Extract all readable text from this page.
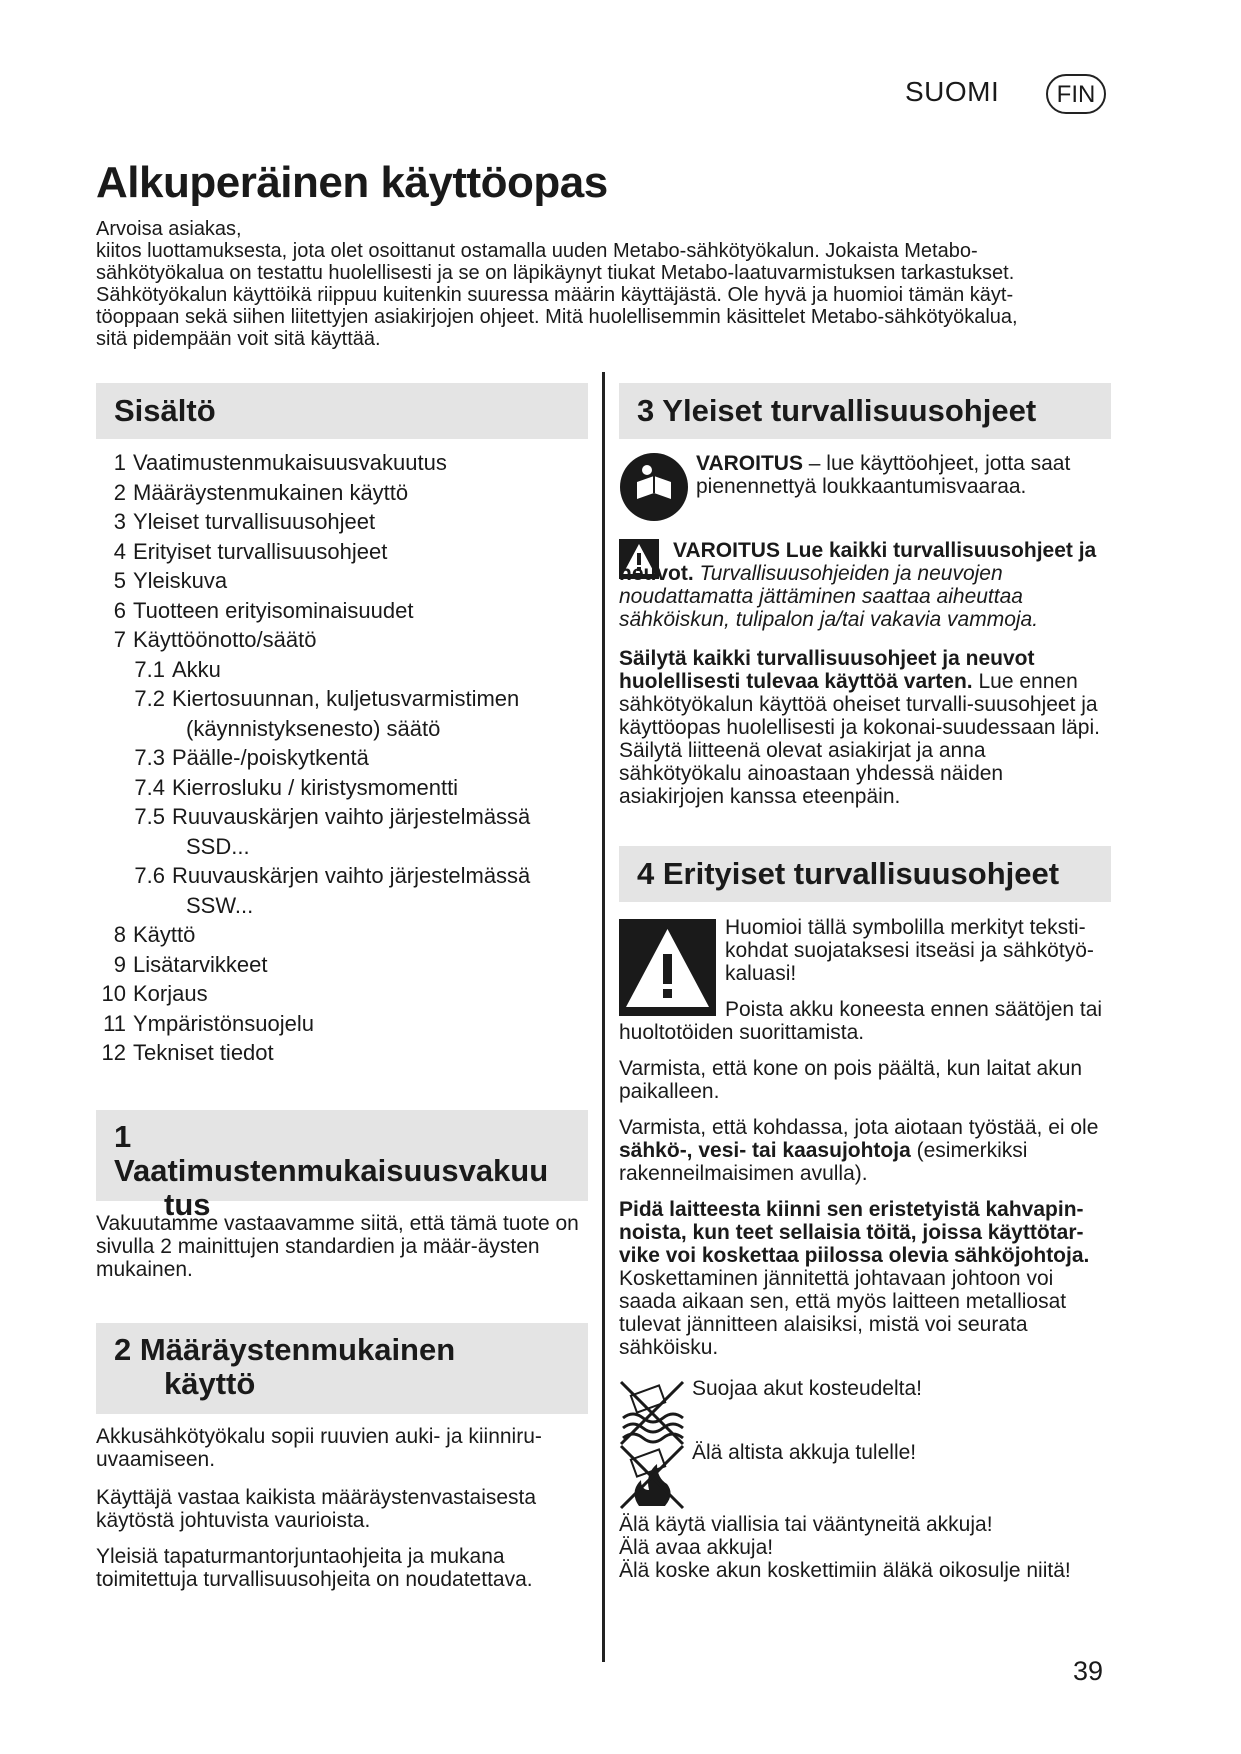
SUOMI	FIN
Alkuperäinen käyttöopas
Arvoisa asiakas,
kiitos luottamuksesta, jota olet osoittanut ostamalla uuden Metabo-sähkötyökalun. Jokaista Metabo-
sähkötyökalua on testattu huolellisesti ja se on läpikäynyt tiukat Metabo-laatuvarmistuksen tarkastukset.
Sähkötyökalun käyttöikä riippuu kuitenkin suuressa määrin käyttäjästä. Ole hyvä ja huomioi tämän käyt-
töoppaan sekä siihen liitettyjen asiakirjojen ohjeet. Mitä huolellisemmin käsittelet Metabo-sähkötyökalua,
sitä pidempään voit sitä käyttää.
Sisältö
1 Vaatimustenmukaisuusvakuutus
2 Määräystenmukainen käyttö
3 Yleiset turvallisuusohjeet
4 Erityiset turvallisuusohjeet
5 Yleiskuva
6 Tuotteen erityisominaisuudet
7 Käyttöönotto/säätö
7.1 Akku
7.2 Kiertosuunnan, kuljetusvarmistimen
(käynnistyksenesto) säätö
7.3 Päälle-/poiskytkentä
7.4 Kierrosluku / kiristysmomentti
7.5 Ruuvauskärjen vaihto järjestelmässä
SSD...
7.6 Ruuvauskärjen vaihto järjestelmässä
SSW...
8 Käyttö
9 Lisätarvikkeet
10 Korjaus
11 Ympäristönsuojelu
12 Tekniset tiedot
1 Vaatimustenmukaisuusvakuu
tus

Vakuutamme vastaavamme siitä, että tämä tuote on sivulla 2 mainittujen standardien ja määr-äysten mukainen.

2 Määräystenmukainen
käyttö

Akkusähkötyökalu sopii ruuvien auki- ja kiinniru-uvaamiseen.

Käyttäjä vastaa kaikista määräystenvastaisesta käytöstä johtuvista vaurioista.

Yleisiä tapaturmantorjuntaohjeita ja mukana toimitettuja turvallisuusohjeita on noudatettava.

3 Yleiset turvallisuusohjeet

VAROITUS – lue käyttöohjeet, jotta saat pienennettyä loukkaantumisvaaraa.

VAROITUS Lue kaikki turvallisuusohjeet ja neuvot. Turvallisuusohjeiden ja neuvojen noudattamatta jättäminen saattaa aiheuttaa sähköiskun, tulipalon ja/tai vakavia vammoja.

Säilytä kaikki turvallisuusohjeet ja neuvot huolellisesti tulevaa käyttöä varten. Lue ennen sähkötyökalun käyttöä oheiset turvalli-suusohjeet ja käyttöopas huolellisesti ja kokonai-suudessaan läpi. Säilytä liitteenä olevat asiakirjat ja anna sähkötyökalu ainoastaan yhdessä näiden asiakirjojen kanssa eteenpäin.

4 Erityiset turvallisuusohjeet

Huomioi tällä symbolilla merkityt teksti-kohdat suojataksesi itseäsi ja sähkötyö-kaluasi!

Poista akku koneesta ennen säätöjen tai huoltotöiden suorittamista.

Varmista, että kone on pois päältä, kun laitat akun paikalleen.

Varmista, että kohdassa, jota aiotaan työstää, ei ole sähkö-, vesi- tai kaasujohtoja (esimerkiksi rakenneilmaisimen avulla).

Pidä laitteesta kiinni sen eristetyistä kahvapin-noista, kun teet sellaisia töitä, joissa käyttötar-vike voi koskettaa piilossa olevia sähköjohtoja. Koskettaminen jännitettä johtavaan johtoon voi saada aikaan sen, että myös laitteen metalliosat tulevat jännitteen alaisiksi, mistä voi seurata sähköisku.

Suojaa akut kosteudelta!

Älä altista akkuja tulelle!

Älä käytä viallisia tai vääntyneitä akkuja!

Älä avaa akkuja!

Älä koske akun koskettimiin äläkä oikosulje niitä!

39
